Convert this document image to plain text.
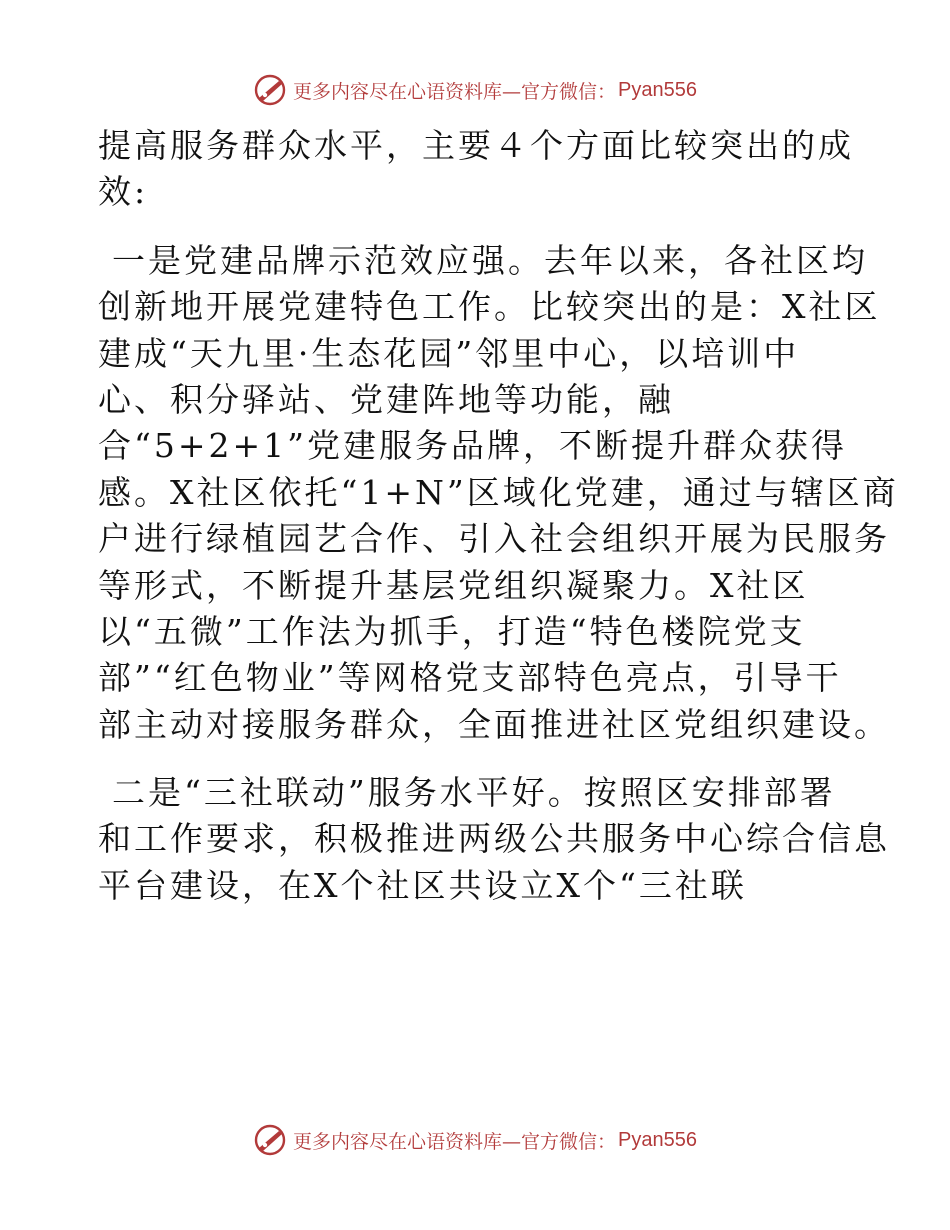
更多内容尽在心语资料库—官方微信： Pyan556
提高服务群众水平，主要４个方面比较突出的成
效:
一是党建品牌示范效应强。去年以来，各社区均
创新地开展党建特色工作。比较突出的是：X社区
建成“天九里·生态花园”邻里中心，以培训中
心、积分驿站、党建阵地等功能，融
合“5+2+1”党建服务品牌，不断提升群众获得
感。X社区依托“1+N”区域化党建，通过与辖区商
户进行绿植园艺合作、引入社会组织开展为民服务
等形式，不断提升基层党组织凝聚力。X社区
以“五微”工作法为抓手，打造“特色楼院党支
部”“红色物业”等网格党支部特色亮点，引导干
部主动对接服务群众，全面推进社区党组织建设。
二是“三社联动”服务水平好。按照区安排部署
和工作要求，积极推进两级公共服务中心综合信息
平台建设，在X个社区共设立X个“三社联
更多内容尽在心语资料库—官方微信： Pyan556
